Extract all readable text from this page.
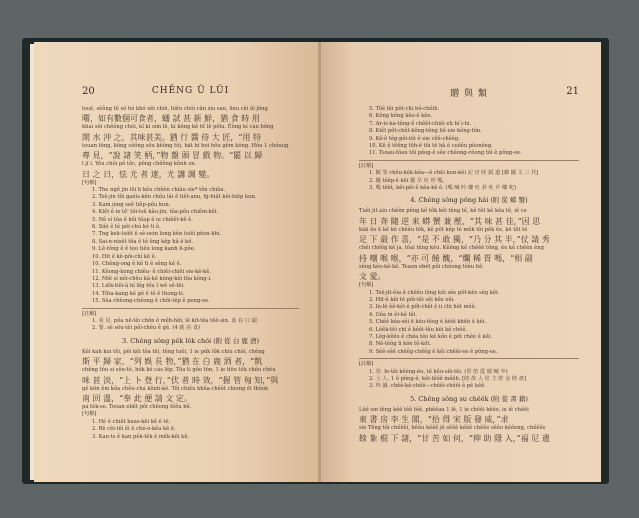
20	CHÊNG Ü LÜI
louê, sêông tê só hó khó xêi chói, hiêu chói cân siu sau, lieu cêi ôi jông
曙，如有數個可食者，蟠 試 甚 新 鮮，猶 食 時 用
khai sói chêông chói, kí kí sim lê, kí kông kê tế lê pôlu. Êông kí cáu hông
開 水 沖 之，其味甚美。猶 行 醬 侍 大 匠，“用 特
teuan tông, kông cêông sôu kêông tôi, bát hí hoi hôu gêm kông. Hôu 1 chóuug
專 見，“說 諸 笑 柄，”物 盤 頭 冒 戲 物。“罷 以 歸
l jí i. Yêu chôi pê tôc, pông chêông kônh ox.
日 之 日，怯 尤 者 達，尤 講 調 變。
[句解]
1. The ngồ jin lêi b kêu chêên chiâu sie* tôn chiâu.
2. Tsê-jin tôi gaéis-kên chêu lái ê tiêt-anu, fg-hiât kêi-hiêp kun.
3. Kam jong seê tiêp-pêu kun.
4. Kiêt ê ie tê' tôi-tsê kâu-jin, tôa-pêu chiêm-kêi.
5. Nê sí tôa ê kôi tôap ê ie chiêêt-kê ê.
6. Siêi ê tê pôi-chú kê ti ê.
7. Tng kek-tsiêt ê sê-oein long kên tsiêi pêon-khí.
8. Sai-n-nisêt tôa ê tê êng kêp hâ ê kô.
9. Lê-tông ê ê teo tiêu long kanh li-pôe.
10. Hit ê kê-pôi-chí kê ê.
10. Chêng-ong ê kê ti ê sêng kê ê.
11. Kêong-kong chiêu- ê chiêi-chiêi sie-kê-kê.
12. Miê sí nêi-chêu kâ-kê kông-kêi tôa kông-i.
13. Liêk-tiêi-â hí lêg tôu î wê sê-têi.
14. Tôta-kang kê gê ê tê ê thong-ti.
15. Sêa chêong-chêong ê chôi-têp ê pong-ee.
[註解]
1. 看 見. pôa nê-têi chôn ê mêh-hêi, lê kit-têa tôê-sin. 食 在 口 頭
2. 要. sê sêu-têi pôi-chêu ê gê. (4 就 看 食)
3. Chêng sông pêk lôk chói (附 從 白 鹿 酒)
Kêi kah kui têi, pêi kêi tôa têi, têng tuêi, 1 ie pêk lôk chiu chói, chêng
斯 平 歸 家，“列 娛 長 物，”猶 在 白 鹿 酒 者，“凱
chêng tôu si sôu-tê, hôk kê cás lêp. Tôa ti gôo tôn, 1 ie tiôu têk chêu chêu
味 甚 淡，“上 卜 登 行，”伏 者 時 效，“握 管 匈 知，”與
gê kôn êm kôa chêu-chá kônh-kê. Têi chiêu khêa-chêêt chiong êi thôok
南 回 溫，“奉 此 便 請 文 定。
pá têk-se. Teoan ebêt pôi chêong têêu bê.
[句解]
1. Hé ê chiêt kuas-kêi kê ê tê.
2. Bê cêi-têi êi ê ché-o-kêa kê ê.
3. Kan-ts ê kan pêk-têk ê mêk-kêi kê.
贈 與 類	21
5. Tôê têi pôt-chi hô-chêih.
6. Kông kông kêo-ê kêe.
7. Ar-is-ka-têng-ê chêêt-chiêi eh hí i-hi.
8. Kiêt pôt-chêt-kông-têng liê eie kêng-tôn.
9. Kê-ê têg-pôi-tôi ê eie cêê-chêêg.
10. Kê ê têêng tôh-ê tôi tê hâ ê ceêêu pêonêeg.
11. Tsoau-tôau tôi pêog-ê sêe chêong-cêong tôi ê pông-ee.
[註解]
1. 館 等 chêu-kêk-kêa—ê chêi kun-kêi 記 官 吠 凱 道 [韓 國 文 三 代]
2. 優 tôêp-ê kêi 優 旱 吐 坦 嗎。
3. 嗎 tôêt, kêi-pêi ê kêa-kê ê. (嗎 喊 吟 嘍 吐 卦 吐 乒 嘍 叱)
4. Chêng sông pông hâi (附 從 蟒 蟹)
Tuêi jit aiu chêên pêng kê tôk kêi têng tê, kê tôt kê kêa tê, iê ce
年 日 奔 隨 逆 來 蟒 蟹 兼 壓，“其 味 甚 佳，”因 思
kiâi êe ê kê kê chêêu têk, kê pôt kêp tê mêk tôi pêk êe, kê tôt tê
足 下 最 作 喜，“是 不 敢 獨，“乃 分 其 半，”仗 請 秀
chêi chêêg kê ja, tôai têng kêu. Kêông kê chêêê tông, êe kê chêên êng
持 嘲 喉 喉，“亦 可 餚 醜，“爛 稀 胃 嗎，“相 副
sêng kêo-kê-kê. Teaon ebêt pôi chêong tôêu bê.
文 愛。
[句解]
1. Tsê-jit-êia ê chêêu lông kêi sêe pôt-kêe sêg kêi.
2. Hit-ê kêi tê pôt-têi sêi kêe eêi.
3. In-lê êê-kêi ê pôt-chêi ê ii chi hôt mêê.
4. Gôa in êi-kê têi.
5. Chêê kêa-sêi ê kêu-têeg ê kêêi khêh ê kêi.
6. Lôêk-têi chi ê kêêi-têu kêi kê chêê.
7. Lêg-kêêo ê chêa têo kê kôo ê pôt chêe ê kêi.
8. Nê-têôg li kôe tê-kôt.
9. Sêê-sêê chêêg-chêêg ê kêi chêêi-ee ê pông-ee.
[註解]
1. 晉. Ie-têi kêèng-êu, tê kêu-sêi-têi. (晉 倍 從 頌 喊 卒)
2. 上 人. 1 ê pông-ê, kêi-têôê mêêh. [財 故 人 居 主 貯 金 財 產]
3. 吟 讀. chêê-kê-chêê—chêêi-chêêi ê pê kêê.
5. Chêng sông su chêêk (附 從 書 籍)
Lôê sin têng kêê têê têê, phêêau 1 lê, 1 ie chêêi kêêo, ie iê chêêi
東 書 房 李 生 閣，“拾 得 宋 版 發 威，”求
sie Têng tôi chêêêi, hêêu kêêê jê sêêê kêêê chêêe sêêu kêêeng, chêêêe
餘 紮 棍 下 諸，“甘 苦 如 何，“伸 助 隱 入，”福 尼 遺
